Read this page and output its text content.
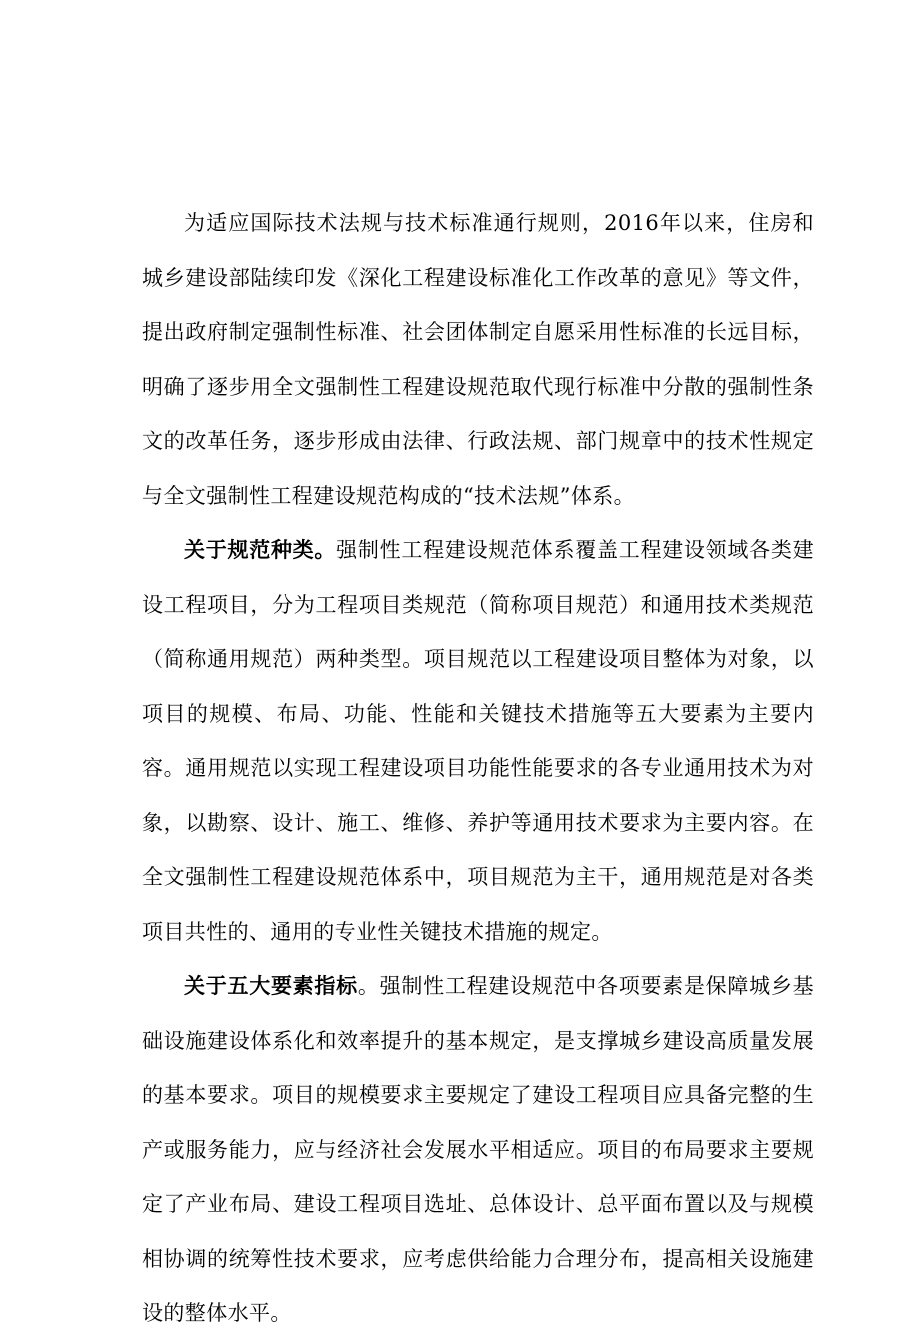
为适应国际技术法规与技术标准通行规则，2016年以来，住房和城乡建设部陆续印发《深化工程建设标准化工作改革的意见》等文件，提出政府制定强制性标准、社会团体制定自愿采用性标准的长远目标，明确了逐步用全文强制性工程建设规范取代现行标准中分散的强制性条文的改革任务，逐步形成由法律、行政法规、部门规章中的技术性规定与全文强制性工程建设规范构成的“技术法规”体系。

关于规范种类。强制性工程建设规范体系覆盖工程建设领域各类建设工程项目，分为工程项目类规范（简称项目规范）和通用技术类规范（简称通用规范）两种类型。项目规范以工程建设项目整体为对象，以项目的规模、布局、功能、性能和关键技术措施等五大要素为主要内容。通用规范以实现工程建设项目功能性能要求的各专业通用技术为对象，以勘察、设计、施工、维修、养护等通用技术要求为主要内容。在全文强制性工程建设规范体系中，项目规范为主干，通用规范是对各类项目共性的、通用的专业性关键技术措施的规定。

关于五大要素指标。强制性工程建设规范中各项要素是保障城乡基础设施建设体系化和效率提升的基本规定，是支撑城乡建设高质量发展的基本要求。项目的规模要求主要规定了建设工程项目应具备完整的生产或服务能力，应与经济社会发展水平相适应。项目的布局要求主要规定了产业布局、建设工程项目选址、总体设计、总平面布置以及与规模相协调的统筹性技术要求，应考虑供给能力合理分布，提高相关设施建设的整体水平。
